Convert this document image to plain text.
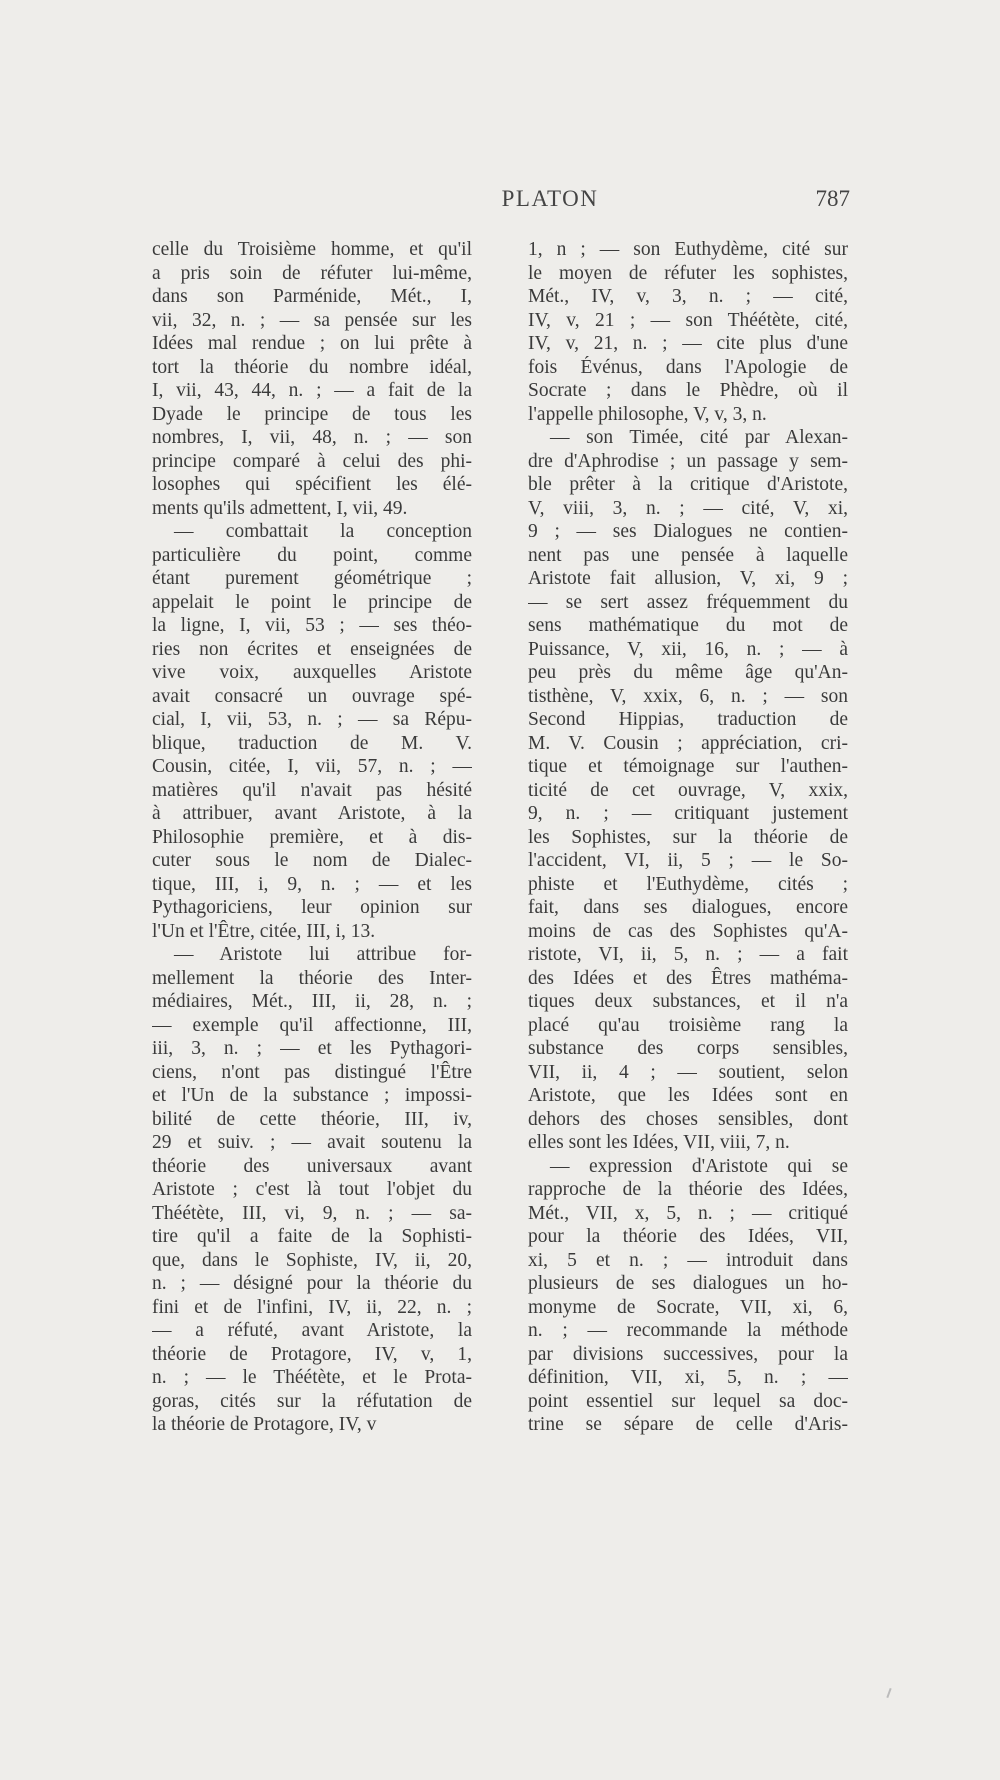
PLATON	787
celle du Troisième homme, et qu'il
a pris soin de réfuter lui-même,
dans son Parménide, Mét., I,
vii, 32, n. ; — sa pensée sur les
Idées mal rendue ; on lui prête à
tort la théorie du nombre idéal,
I, vii, 43, 44, n. ; — a fait de la
Dyade le principe de tous les
nombres, I, vii, 48, n. ; — son
principe comparé à celui des phi-
losophes qui spécifient les élé-
ments qu'ils admettent, I, vii, 49.
— combattait la conception
particulière du point, comme
étant purement géométrique ;
appelait le point le principe de
la ligne, I, vii, 53 ; — ses théo-
ries non écrites et enseignées de
vive voix, auxquelles Aristote
avait consacré un ouvrage spé-
cial, I, vii, 53, n. ; — sa Répu-
blique, traduction de M. V.
Cousin, citée, I, vii, 57, n. ; —
matières qu'il n'avait pas hésité
à attribuer, avant Aristote, à la
Philosophie première, et à dis-
cuter sous le nom de Dialec-
tique, III, i, 9, n. ; — et les
Pythagoriciens, leur opinion sur
l'Un et l'Être, citée, III, i, 13.
— Aristote lui attribue for-
mellement la théorie des Inter-
médiaires, Mét., III, ii, 28, n. ;
— exemple qu'il affectionne, III,
iii, 3, n. ; — et les Pythagori-
ciens, n'ont pas distingué l'Être
et l'Un de la substance ; impossi-
bilité de cette théorie, III, iv,
29 et suiv. ; — avait soutenu la
théorie des universaux avant
Aristote ; c'est là tout l'objet du
Théétète, III, vi, 9, n. ; — sa-
tire qu'il a faite de la Sophisti-
que, dans le Sophiste, IV, ii, 20,
n. ; — désigné pour la théorie du
fini et de l'infini, IV, ii, 22, n. ;
— a réfuté, avant Aristote, la
théorie de Protagore, IV, v, 1,
n. ; — le Théétète, et le Prota-
goras, cités sur la réfutation de
la théorie de Protagore, IV, v
1, n ; — son Euthydème, cité sur
le moyen de réfuter les sophistes,
Mét., IV, v, 3, n. ; — cité,
IV, v, 21 ; — son Théétète, cité,
IV, v, 21, n. ; — cite plus d'une
fois Événus, dans l'Apologie de
Socrate ; dans le Phèdre, où il
l'appelle philosophe, V, v, 3, n.
— son Timée, cité par Alexan-
dre d'Aphrodise ; un passage y sem-
ble prêter à la critique d'Aristote,
V, viii, 3, n. ; — cité, V, xi,
9 ; — ses Dialogues ne contien-
nent pas une pensée à laquelle
Aristote fait allusion, V, xi, 9 ;
— se sert assez fréquemment du
sens mathématique du mot de
Puissance, V, xii, 16, n. ; — à
peu près du même âge qu'An-
tisthène, V, xxix, 6, n. ; — son
Second Hippias, traduction de
M. V. Cousin ; appréciation, cri-
tique et témoignage sur l'authen-
ticité de cet ouvrage, V, xxix,
9, n. ; — critiquant justement
les Sophistes, sur la théorie de
l'accident, VI, ii, 5 ; — le So-
phiste et l'Euthydème, cités ;
fait, dans ses dialogues, encore
moins de cas des Sophistes qu'A-
ristote, VI, ii, 5, n. ; — a fait
des Idées et des Êtres mathéma-
tiques deux substances, et il n'a
placé qu'au troisième rang la
substance des corps sensibles,
VII, ii, 4 ; — soutient, selon
Aristote, que les Idées sont en
dehors des choses sensibles, dont
elles sont les Idées, VII, viii, 7, n.
— expression d'Aristote qui se
rapproche de la théorie des Idées,
Mét., VII, x, 5, n. ; — critiqué
pour la théorie des Idées, VII,
xi, 5 et n. ; — introduit dans
plusieurs de ses dialogues un ho-
monyme de Socrate, VII, xi, 6,
n. ; — recommande la méthode
par divisions successives, pour la
définition, VII, xi, 5, n. ; —
point essentiel sur lequel sa doc-
trine se sépare de celle d'Aris-
